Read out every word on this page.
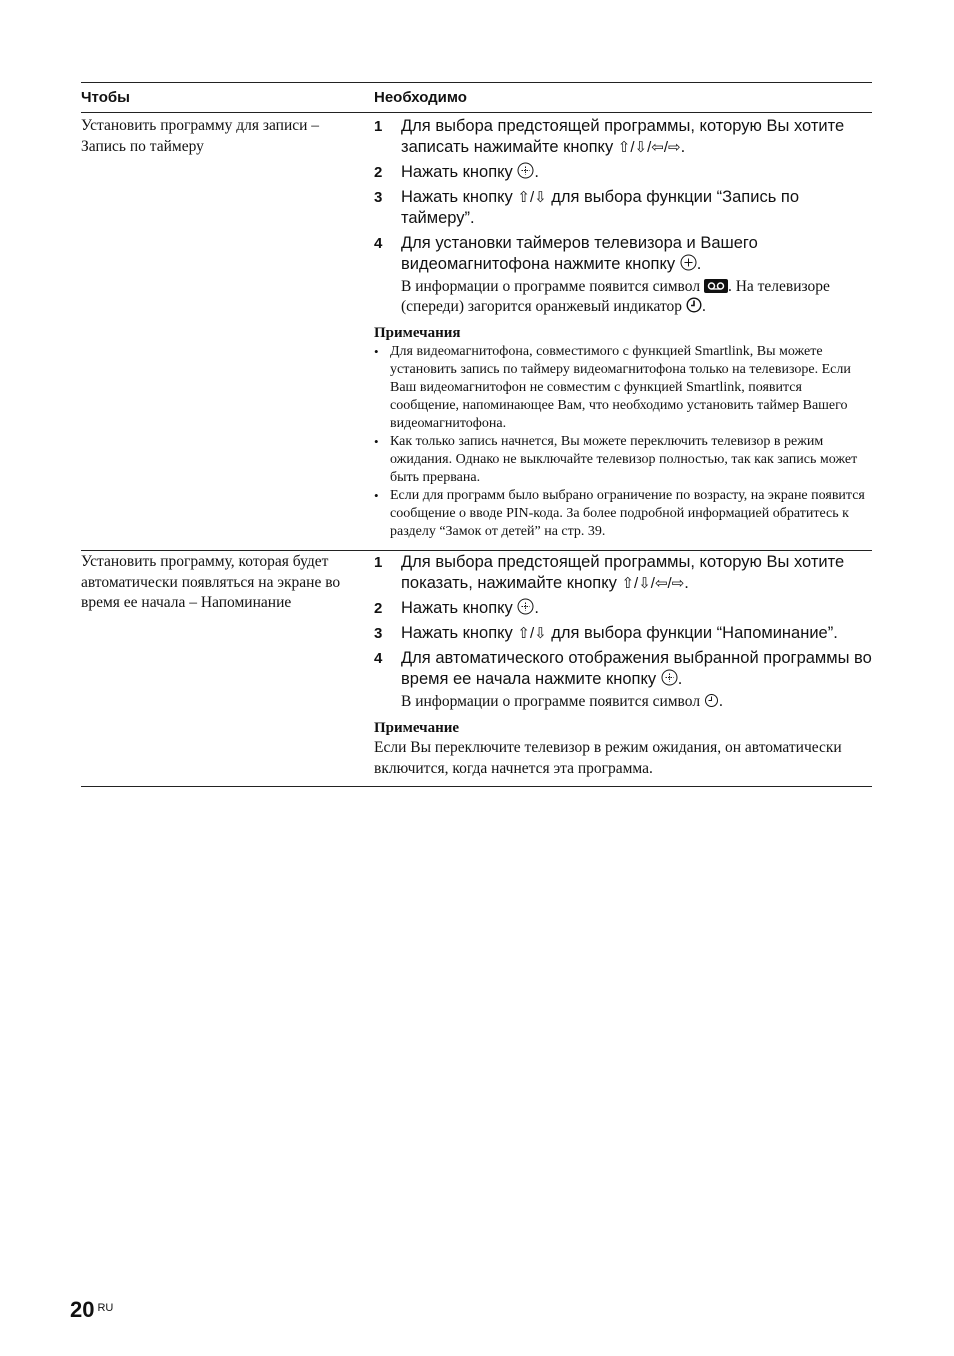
Чтобы	Необходимо
Установить программу для записи – Запись по таймеру
1	Для выбора предстоящей программы, которую Вы хотите записать нажимайте кнопку ⇧/⇩/⇦/⇨.
2	Нажать кнопку .
3	Нажать кнопку ⇧/⇩ для выбора функции “Запись по таймеру”.
4	Для установки таймеров телевизора и Вашего видеомагнитофона нажмите кнопку .
В информации о программе появится символ . На телевизоре (спереди) загорится оранжевый индикатор .
Примечания
• Для видеомагнитофона, совместимого с функцией Smartlink, Вы можете установить запись по таймеру видеомагнитофона только на телевизоре. Если Ваш видеомагнитофон не совместим с функцией Smartlink, появится сообщение, напоминающее Вам, что необходимо установить таймер Вашего видеомагнитофона.
• Как только запись начнется, Вы можете переключить телевизор в режим ожидания. Однако не выключайте телевизор полностью, так как запись может быть прервана.
• Если для программ было выбрано ограничение по возрасту, на экране появится сообщение о вводе PIN-кода. За более подробной информацией обратитесь к разделу “Замок от детей” на стр. 39.
Установить программу, которая будет автоматически появляться на экране во время ее начала – Напоминание
1	Для выбора предстоящей программы, которую Вы хотите показать, нажимайте кнопку ⇧/⇩/⇦/⇨.
2	Нажать кнопку .
3	Нажать кнопку ⇧/⇩ для выбора функции “Напоминание”.
4	Для автоматического отображения выбранной программы во время ее начала нажмите кнопку .
В информации о программе появится символ .
Примечание
Если Вы переключите телевизор в режим ожидания, он автоматически включится, когда начнется эта программа.
20 $^{RU}$
